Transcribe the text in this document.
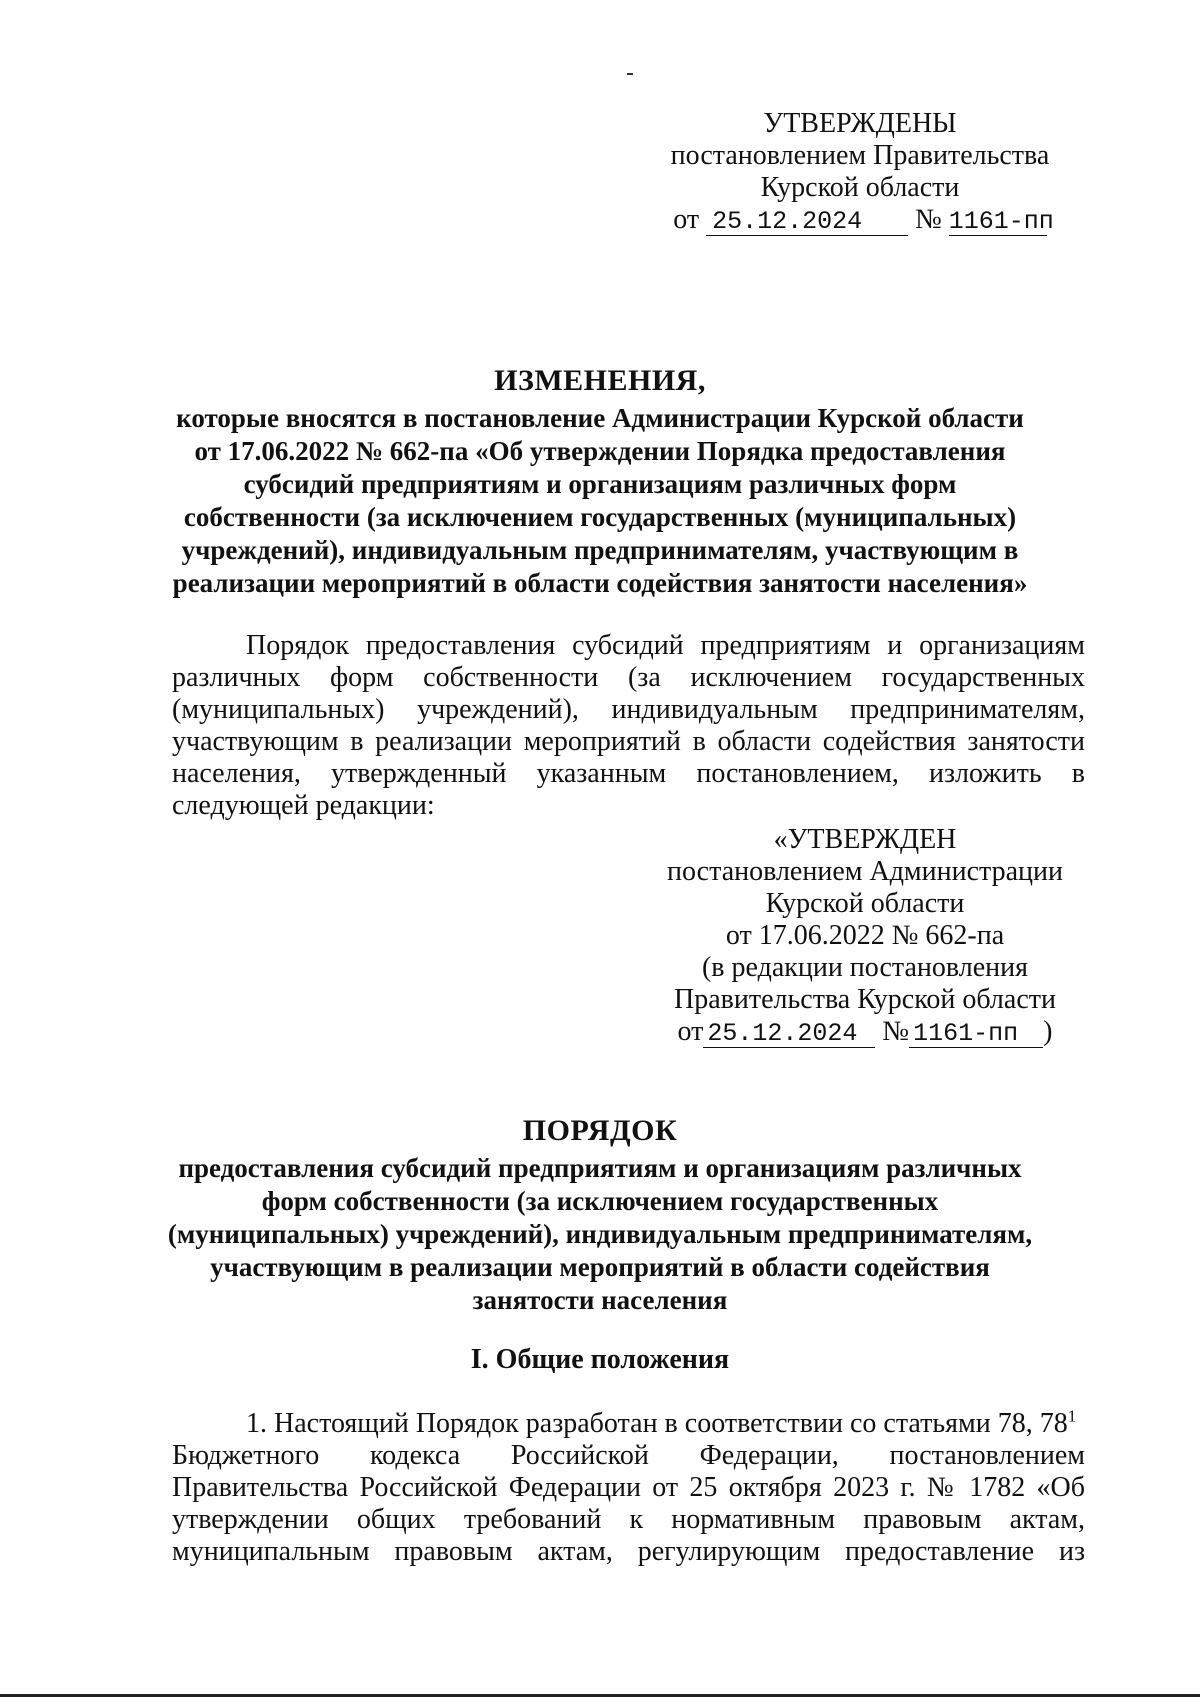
УТВЕРЖДЕНЫ
постановлением Правительства
Курской области
от 25.12.2024 № 1161-пп
ИЗМЕНЕНИЯ,
которые вносятся в постановление Администрации Курской области
от 17.06.2022 № 662-па «Об утверждении Порядка предоставления
субсидий предприятиям и организациям различных форм
собственности (за исключением государственных (муниципальных)
учреждений), индивидуальным предпринимателям, участвующим в
реализации мероприятий в области содействия занятости населения»
Порядок предоставления субсидий предприятиям и организациям
различных форм собственности (за исключением государственных
(муниципальных) учреждений), индивидуальным предпринимателям,
участвующим в реализации мероприятий в области содействия занятости
населения, утвержденный указанным постановлением, изложить в
следующей редакции:
«УТВЕРЖДЕН
постановлением Администрации
Курской области
от 17.06.2022 № 662-па
(в редакции постановления
Правительства Курской области
от 25.12.2024 № 1161-пп )
ПОРЯДОК
предоставления субсидий предприятиям и организациям различных
форм собственности (за исключением государственных
(муниципальных) учреждений), индивидуальным предпринимателям,
участвующим в реализации мероприятий в области содействия
занятости населения
I. Общие положения
1. Настоящий Порядок разработан в соответствии со статьями 78, $78^1$
Бюджетного кодекса Российской Федерации, постановлением
Правительства Российской Федерации от 25 октября 2023 г. № 1782 «Об
утверждении общих требований к нормативным правовым актам,
муниципальным правовым актам, регулирующим предоставление из
